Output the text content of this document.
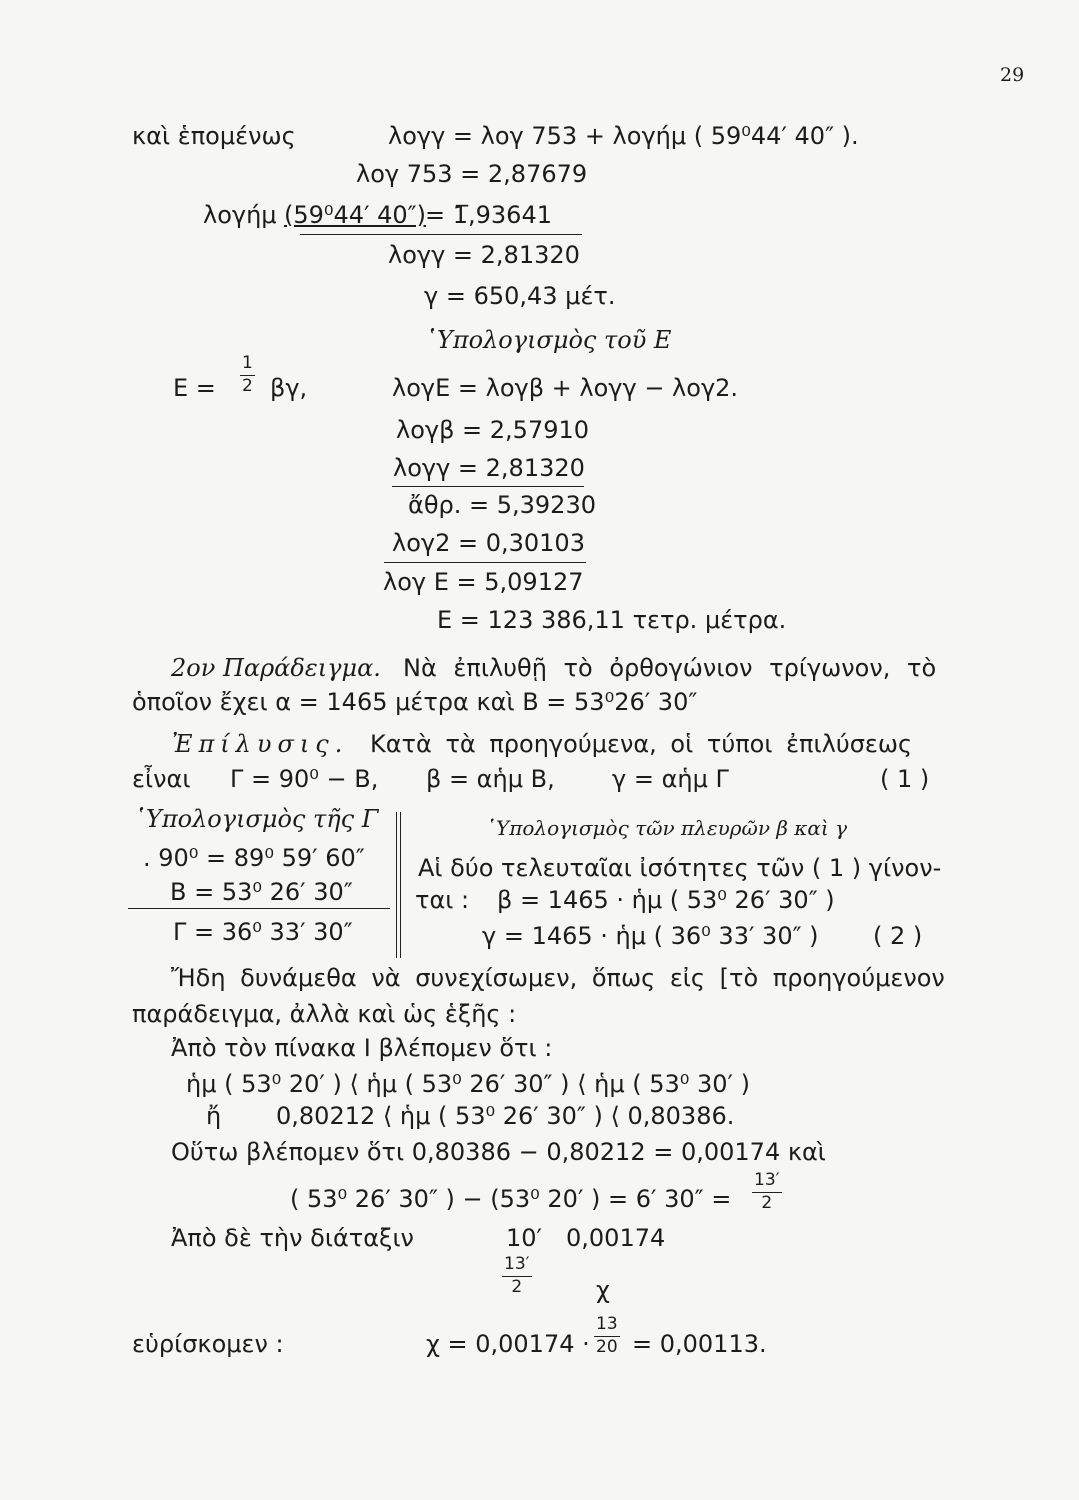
29
καὶ ἑπομένως	λογγ = λογ 753 + λογήμ ( 59⁰44′ 40″ ).
λογ 753 = 2,87679
λογήμ (59⁰44′ 40″)
= 1̅,93641
λογγ = 2,81320
γ = 650,43 μέτ.
῾Υπολογισμὸς τοῦ Ε
Ε =
1
2 βγ,	λογΕ = λογβ + λογγ − λογ2.
λογβ = 2,57910
λογγ = 2,81320
ἄθρ. = 5,39230
λογ2 = 0,30103
λογ Ε = 5,09127
Ε = 123 386,11 τετρ. μέτρα.
2ον Παράδειγμα. Νὰ ἐπιλυθῇ τὸ ὀρθογώνιον τρίγωνον, τὸ
ὁποῖον ἔχει α = 1465 μέτρα καὶ Β = 53⁰26′ 30″
Ἐπίλυσις. Κατὰ τὰ προηγούμενα, οἱ τύποι ἐπιλύσεως
εἶναι Γ = 90⁰ − Β, β = αἡμ Β, γ = αἡμ Γ	( 1 )
῾Υπολογισμὸς τῆς Γ
. 90⁰ = 89⁰ 59′ 60″
Β = 53⁰ 26′ 30″
Γ = 36⁰ 33′ 30″
῾Υπολογισμὸς τῶν πλευρῶν β καὶ γ
Αἱ δύο τελευταῖαι ἰσότητες τῶν ( 1 ) γίνον-
ται : β = 1465 · ἡμ ( 53⁰ 26′ 30″ )
γ = 1465 · ἡμ ( 36⁰ 33′ 30″ ) ( 2 )
Ἤδη δυνάμεθα νὰ συνεχίσωμεν, ὅπως εἰς [τὸ προηγούμενον
παράδειγμα, ἀλλὰ καὶ ὡς ἑξῆς :
Ἀπὸ τὸν πίνακα Ι βλέπομεν ὅτι :
ἡμ ( 53⁰ 20′ ) ⟨ ἡμ ( 53⁰ 26′ 30″ ) ⟨ ἡμ ( 53⁰ 30′ )
ἤ 0,80212 ⟨ ἡμ ( 53⁰ 26′ 30″ ) ⟨ 0,80386.
Οὕτω βλέπομεν ὅτι 0,80386 − 0,80212 = 0,00174 καὶ
( 53⁰ 26′ 30″ ) − (53⁰ 20′ ) = 6′ 30″ =
13′
2
Ἀπὸ δὲ τὴν διάταξιν	10′ 0,00174
13′
2	χ
εὑρίσκομεν :	χ = 0,00174 ·
13
20 = 0,00113.
